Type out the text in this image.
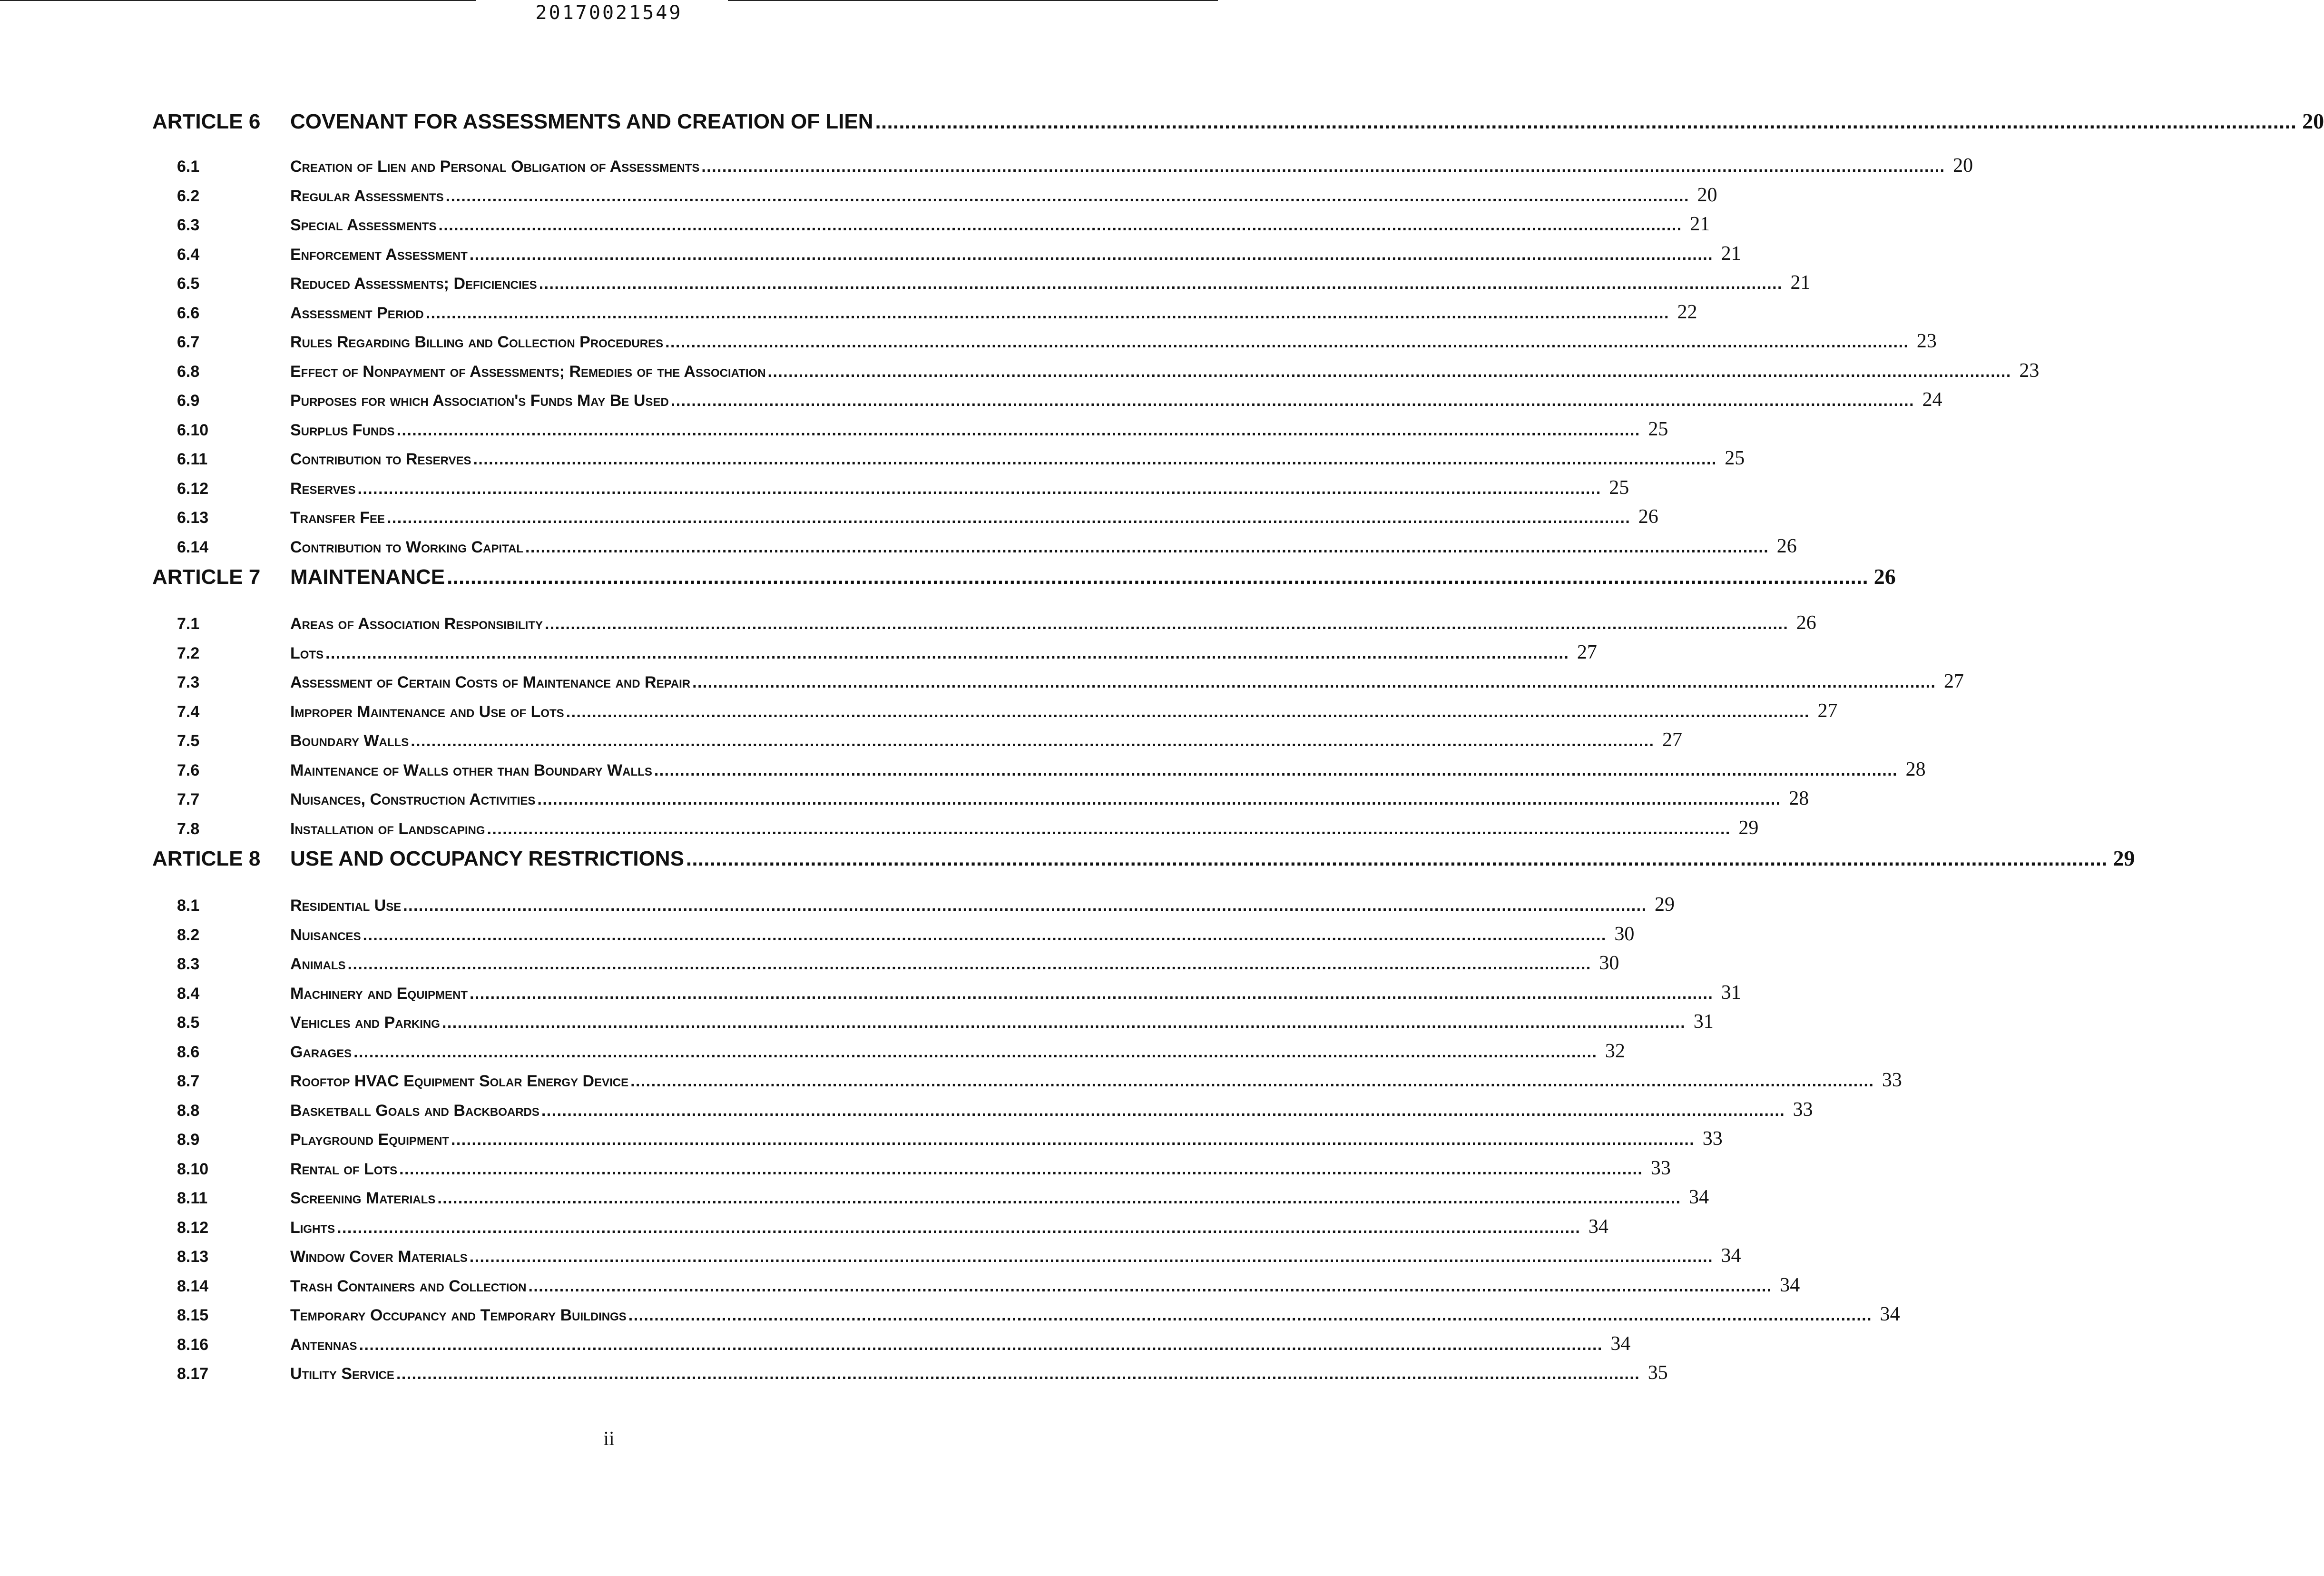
20170021549
ARTICLE 6	COVENANT FOR ASSESSMENTS AND CREATION OF LIEN . . .	20
6.1	Creation of Lien and Personal Obligation of Assessments . . .	20
6.2	Regular Assessments . . .	20
6.3	Special Assessments . . .	21
6.4	Enforcement Assessment . . .	21
6.5	Reduced Assessments; Deficiencies . . .	21
6.6	Assessment Period . . .	22
6.7	Rules Regarding Billing and Collection Procedures . . .	23
6.8	Effect of Nonpayment of Assessments; Remedies of the Association . . .	23
6.9	Purposes for which Association's Funds May Be Used . . .	24
6.10	Surplus Funds . . .	25
6.11	Contribution to Reserves . . .	25
6.12	Reserves . . .	25
6.13	Transfer Fee . . .	26
6.14	Contribution to Working Capital . . .	26
ARTICLE 7	MAINTENANCE . . .	26
7.1	Areas of Association Responsibility . . .	26
7.2	Lots . . .	27
7.3	Assessment of Certain Costs of Maintenance and Repair . . .	27
7.4	Improper Maintenance and Use of Lots . . .	27
7.5	Boundary Walls . . .	27
7.6	Maintenance of Walls other than Boundary Walls . . .	28
7.7	Nuisances, Construction Activities . . .	28
7.8	Installation of Landscaping . . .	29
ARTICLE 8	USE AND OCCUPANCY RESTRICTIONS . . .	29
8.1	Residential Use . . .	29
8.2	Nuisances . . .	30
8.3	Animals . . .	30
8.4	Machinery and Equipment . . .	31
8.5	Vehicles and Parking . . .	31
8.6	Garages . . .	32
8.7	Rooftop HVAC Equipment Solar Energy Device . . .	33
8.8	Basketball Goals and Backboards . . .	33
8.9	Playground Equipment . . .	33
8.10	Rental of Lots . . .	33
8.11	Screening Materials . . .	34
8.12	Lights . . .	34
8.13	Window Cover Materials . . .	34
8.14	Trash Containers and Collection . . .	34
8.15	Temporary Occupancy and Temporary Buildings . . .	34
8.16	Antennas . . .	34
8.17	Utility Service . . .	35
ii
